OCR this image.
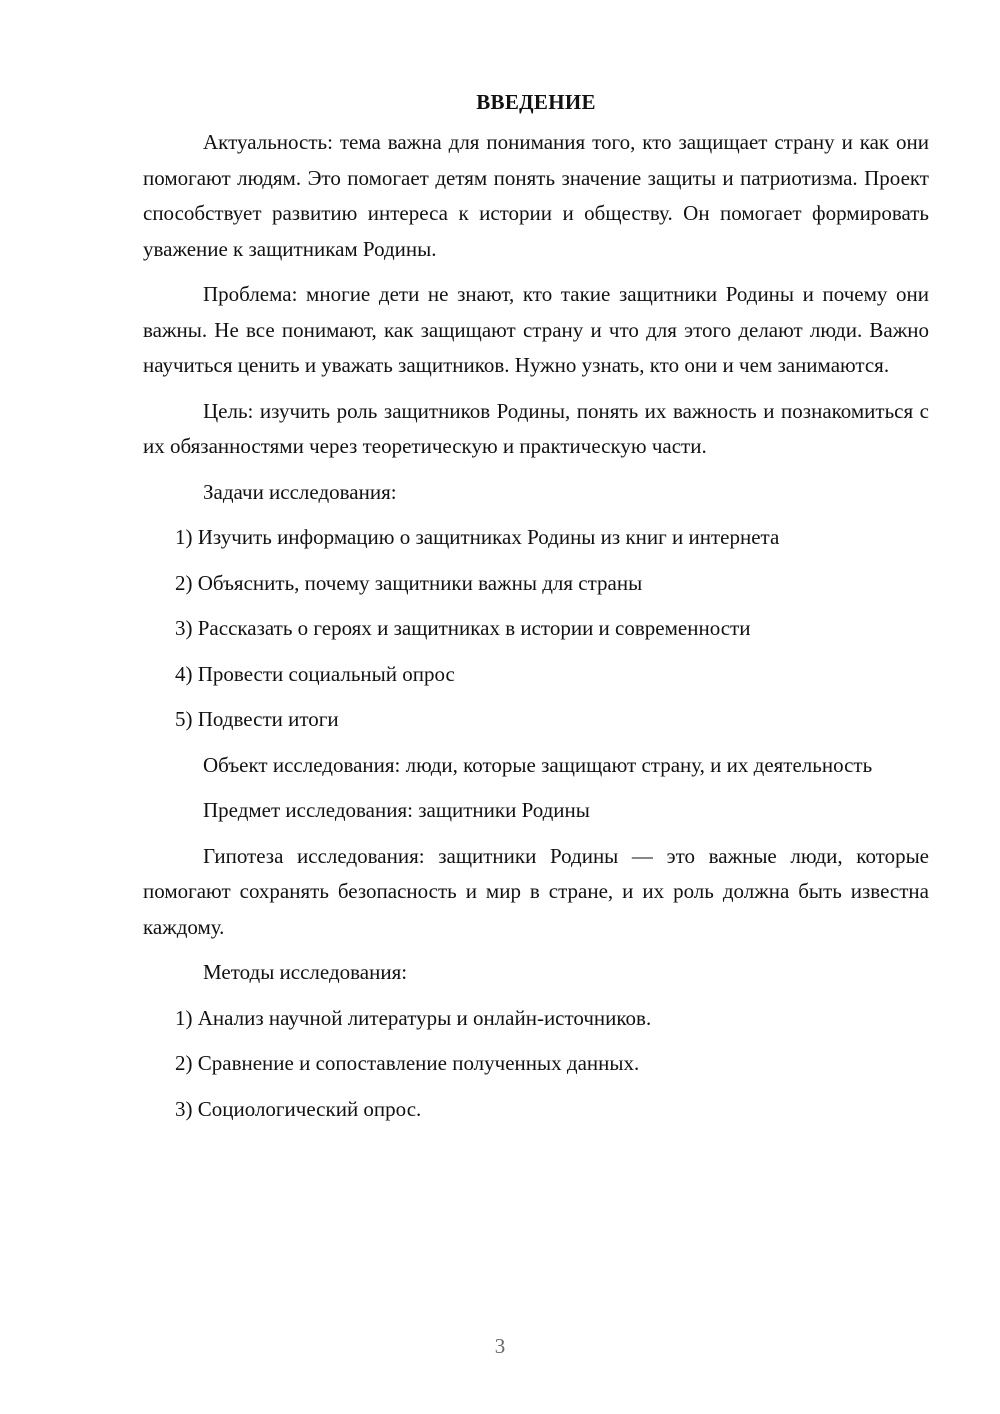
ВВЕДЕНИЕ

Актуальность: тема важна для понимания того, кто защищает страну и как они помогают людям. Это помогает детям понять значение защиты и патриотизма. Проект способствует развитию интереса к истории и обществу. Он помогает формировать уважение к защитникам Родины.

Проблема: многие дети не знают, кто такие защитники Родины и почему они важны. Не все понимают, как защищают страну и что для этого делают люди. Важно научиться ценить и уважать защитников. Нужно узнать, кто они и чем занимаются.

Цель: изучить роль защитников Родины, понять их важность и познакомиться с их обязанностями через теоретическую и практическую части.

Задачи исследования:
1) Изучить информацию о защитниках Родины из книг и интернета
2) Объяснить, почему защитники важны для страны
3) Рассказать о героях и защитниках в истории и современности
4) Провести социальный опрос
5) Подвести итоги

Объект исследования: люди, которые защищают страну, и их деятельность

Предмет исследования: защитники Родины

Гипотеза исследования: защитники Родины — это важные люди, которые помогают сохранять безопасность и мир в стране, и их роль должна быть известна каждому.

Методы исследования:
1) Анализ научной литературы и онлайн-источников.
2) Сравнение и сопоставление полученных данных.
3) Социологический опрос.
3
